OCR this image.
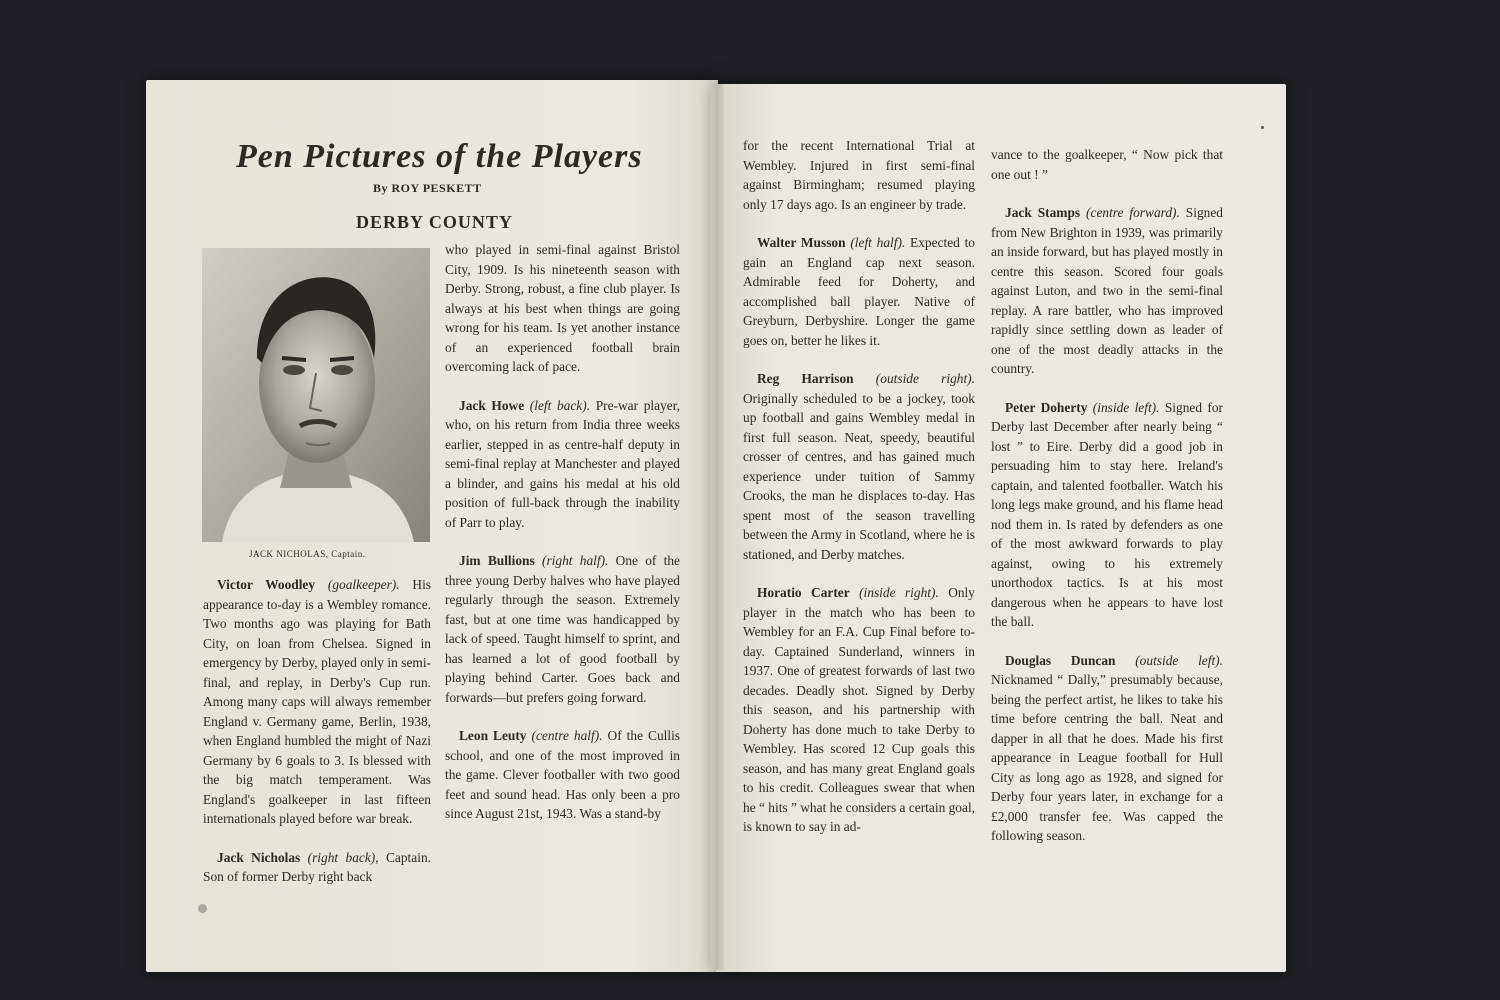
Pen Pictures of the Players
By ROY PESKETT
DERBY COUNTY
JACK NICHOLAS, Captain.

Victor Woodley (goalkeeper). His appearance to-day is a Wembley romance. Two months ago was playing for Bath City, on loan from Chelsea. Signed in emergency by Derby, played only in semi-final, and replay, in Derby's Cup run. Among many caps will always remember England v. Germany game, Berlin, 1938, when England humbled the might of Nazi Germany by 6 goals to 3. Is blessed with the big match temperament. Was England's goalkeeper in last fifteen internationals played before war break.

Jack Nicholas (right back), Captain. Son of former Derby right back

who played in semi-final against Bristol City, 1909. Is his nineteenth season with Derby. Strong, robust, a fine club player. Is always at his best when things are going wrong for his team. Is yet another instance of an experienced football brain overcoming lack of pace.

Jack Howe (left back). Pre-war player, who, on his return from India three weeks earlier, stepped in as centre-half deputy in semi-final replay at Manchester and played a blinder, and gains his medal at his old position of full-back through the inability of Parr to play.

Jim Bullions (right half). One of the three young Derby halves who have played regularly through the season. Extremely fast, but at one time was handicapped by lack of speed. Taught himself to sprint, and has learned a lot of good football by playing behind Carter. Goes back and forwards—but prefers going forward.

Leon Leuty (centre half). Of the Cullis school, and one of the most improved in the game. Clever footballer with two good feet and sound head. Has only been a pro since August 21st, 1943. Was a stand-by

for the recent International Trial at Wembley. Injured in first semi-final against Birmingham; resumed playing only 17 days ago. Is an engineer by trade.

Walter Musson (left half). Expected to gain an England cap next season. Admirable feed for Doherty, and accomplished ball player. Native of Greyburn, Derbyshire. Longer the game goes on, better he likes it.

Reg Harrison (outside right). Originally scheduled to be a jockey, took up football and gains Wembley medal in first full season. Neat, speedy, beautiful crosser of centres, and has gained much experience under tuition of Sammy Crooks, the man he displaces to-day. Has spent most of the season travelling between the Army in Scotland, where he is stationed, and Derby matches.

Horatio Carter (inside right). Only player in the match who has been to Wembley for an F.A. Cup Final before to-day. Captained Sunderland, winners in 1937. One of greatest forwards of last two decades. Deadly shot. Signed by Derby this season, and his partnership with Doherty has done much to take Derby to Wembley. Has scored 12 Cup goals this season, and has many great England goals to his credit. Colleagues swear that when he “ hits ” what he considers a certain goal, is known to say in ad-

vance to the goalkeeper, “ Now pick that one out ! ”

Jack Stamps (centre forward). Signed from New Brighton in 1939, was primarily an inside forward, but has played mostly in centre this season. Scored four goals against Luton, and two in the semi-final replay. A rare battler, who has improved rapidly since settling down as leader of one of the most deadly attacks in the country.

Peter Doherty (inside left). Signed for Derby last December after nearly being “ lost ” to Eire. Derby did a good job in persuading him to stay here. Ireland's captain, and talented footballer. Watch his long legs make ground, and his flame head nod them in. Is rated by defenders as one of the most awkward forwards to play against, owing to his extremely unorthodox tactics. Is at his most dangerous when he appears to have lost the ball.

Douglas Duncan (outside left). Nicknamed “ Dally,” presumably because, being the perfect artist, he likes to take his time before centring the ball. Neat and dapper in all that he does. Made his first appearance in League football for Hull City as long ago as 1928, and signed for Derby four years later, in exchange for a £2,000 transfer fee. Was capped the following season.
